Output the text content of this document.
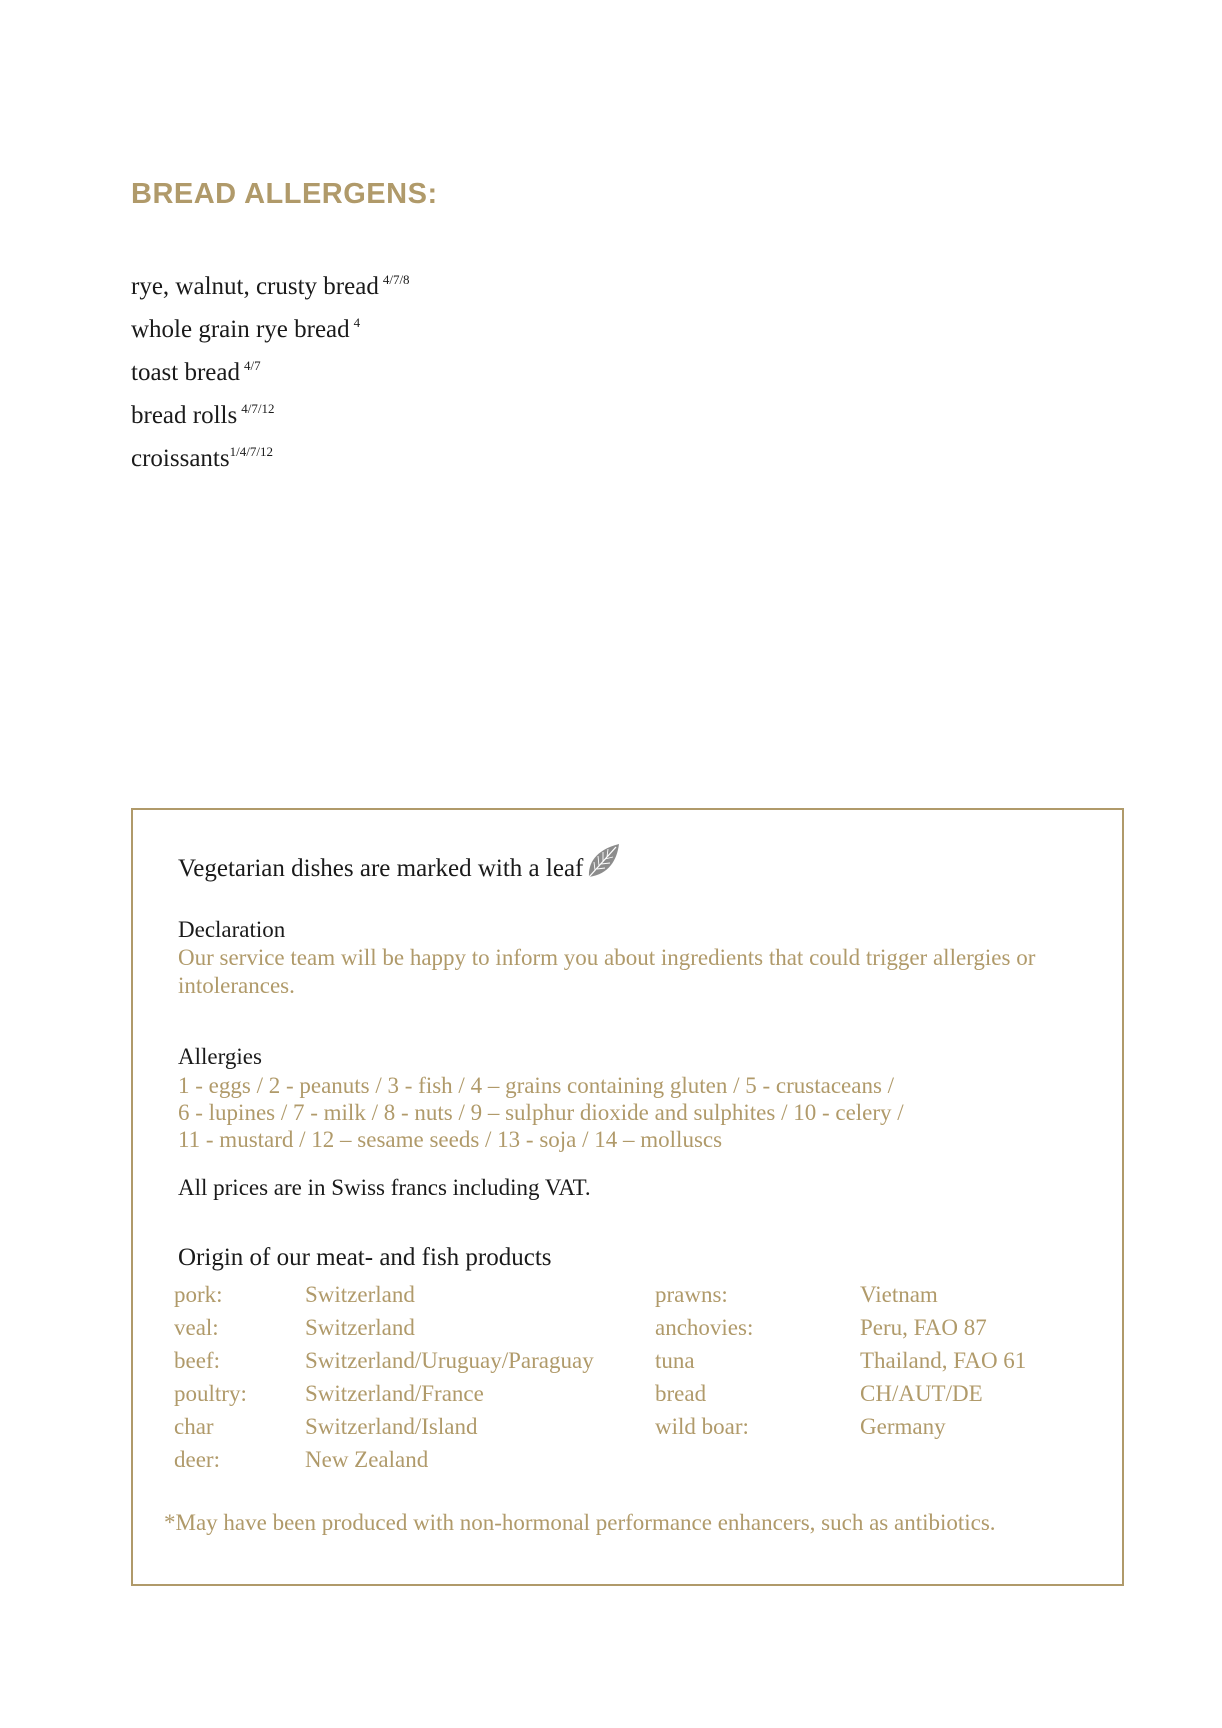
BREAD ALLERGENS:
rye, walnut, crusty bread $^{4/7/8}$
whole grain rye bread $^4$
toast bread $^{4/7}$
bread rolls $^{4/7/12}$
croissants$^{1/4/7/12}$
Vegetarian dishes are marked with a leaf
Declaration
Our service team will be happy to inform you about ingredients that could trigger allergies or intolerances.
Allergies
1 - eggs / 2 - peanuts / 3 - fish / 4 – grains containing gluten / 5 - crustaceans /
6 - lupines / 7 - milk / 8 - nuts / 9 – sulphur dioxide and sulphites / 10 - celery /
11 - mustard / 12 – sesame seeds / 13 - soja / 14 – molluscs
All prices are in Swiss francs including VAT.
Origin of our meat- and fish products
pork:
veal:
beef:
poultry:
char
deer:
Switzerland
Switzerland
Switzerland/Uruguay/Paraguay
Switzerland/France
Switzerland/Island
New Zealand
prawns:
anchovies:
tuna
bread
wild boar:
Vietnam
Peru, FAO 87
Thailand, FAO 61
CH/AUT/DE
Germany
*May have been produced with non-hormonal performance enhancers, such as antibiotics.
